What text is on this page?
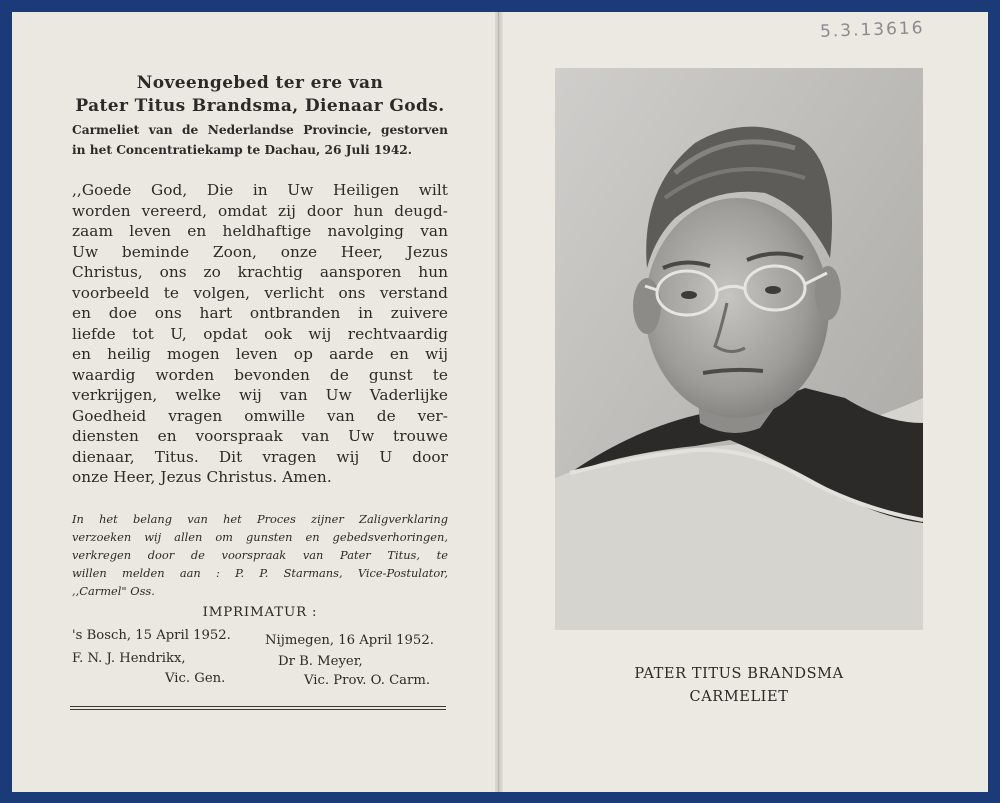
Noveengebed ter ere van
Pater Titus Brandsma, Dienaar Gods.
Carmeliet van de Nederlandse Provincie, gestorven
in het Concentratiekamp te Dachau, 26 Juli 1942.
,,Goede God, Die in Uw Heiligen wilt
worden vereerd, omdat zij door hun deugd-
zaam leven en heldhaftige navolging van
Uw beminde Zoon, onze Heer, Jezus
Christus, ons zo krachtig aansporen hun
voorbeeld te volgen, verlicht ons verstand
en doe ons hart ontbranden in zuivere
liefde tot U, opdat ook wij rechtvaardig
en heilig mogen leven op aarde en wij
waardig worden bevonden de gunst te
verkrijgen, welke wij van Uw Vaderlijke
Goedheid vragen omwille van de ver-
diensten en voorspraak van Uw trouwe
dienaar, Titus. Dit vragen wij U door
onze Heer, Jezus Christus. Amen.
In het belang van het Proces zijner Zaligverklaring
verzoeken wij allen om gunsten en gebedsverhoringen,
verkregen door de voorspraak van Pater Titus, te
willen melden aan : P. P. Starmans, Vice-Postulator,
,,Carmel" Oss.
IMPRIMATUR :
's Bosch, 15 April 1952.	Nijmegen, 16 April 1952.
F. N. J. Hendrikx,	Dr B. Meyer,
Vic. Gen.	Vic. Prov. O. Carm.
5.3.13616
PATER TITUS BRANDSMA
CARMELIET
